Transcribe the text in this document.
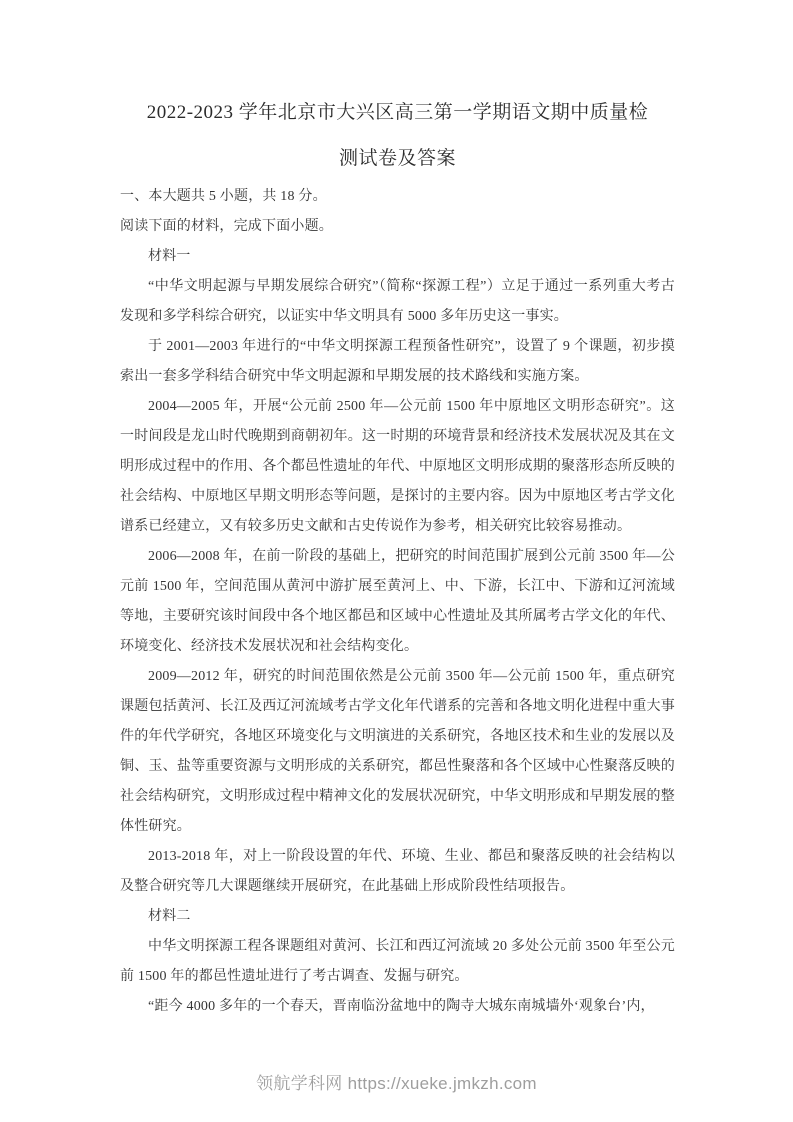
2022-2023 学年北京市大兴区高三第一学期语文期中质量检
测试卷及答案

一、本大题共 5 小题，共 18 分。

阅读下面的材料，完成下面小题。

材料一

“中华文明起源与早期发展综合研究”（简称“探源工程”）立足于通过一系列重大考古发现和多学科综合研究，以证实中华文明具有 5000 多年历史这一事实。

于 2001—2003 年进行的“中华文明探源工程预备性研究”，设置了 9 个课题，初步摸索出一套多学科结合研究中华文明起源和早期发展的技术路线和实施方案。

2004—2005 年，开展“公元前 2500 年—公元前 1500 年中原地区文明形态研究”。这一时间段是龙山时代晚期到商朝初年。这一时期的环境背景和经济技术发展状况及其在文明形成过程中的作用、各个都邑性遗址的年代、中原地区文明形成期的聚落形态所反映的社会结构、中原地区早期文明形态等问题，是探讨的主要内容。因为中原地区考古学文化谱系已经建立，又有较多历史文献和古史传说作为参考，相关研究比较容易推动。

2006—2008 年，在前一阶段的基础上，把研究的时间范围扩展到公元前 3500 年—公元前 1500 年，空间范围从黄河中游扩展至黄河上、中、下游，长江中、下游和辽河流域等地，主要研究该时间段中各个地区都邑和区域中心性遗址及其所属考古学文化的年代、环境变化、经济技术发展状况和社会结构变化。

2009—2012 年，研究的时间范围依然是公元前 3500 年—公元前 1500 年，重点研究课题包括黄河、长江及西辽河流域考古学文化年代谱系的完善和各地文明化进程中重大事件的年代学研究，各地区环境变化与文明演进的关系研究，各地区技术和生业的发展以及铜、玉、盐等重要资源与文明形成的关系研究，都邑性聚落和各个区域中心性聚落反映的社会结构研究，文明形成过程中精神文化的发展状况研究，中华文明形成和早期发展的整体性研究。

2013-2018 年，对上一阶段设置的年代、环境、生业、都邑和聚落反映的社会结构以及整合研究等几大课题继续开展研究，在此基础上形成阶段性结项报告。

材料二

中华文明探源工程各课题组对黄河、长江和西辽河流域 20 多处公元前 3500 年至公元前 1500 年的都邑性遗址进行了考古调查、发掘与研究。

“距今 4000 多年的一个春天，晋南临汾盆地中的陶寺大城东南城墙外‘观象台’内，

领航学科网 https://xueke.jmkzh.com
